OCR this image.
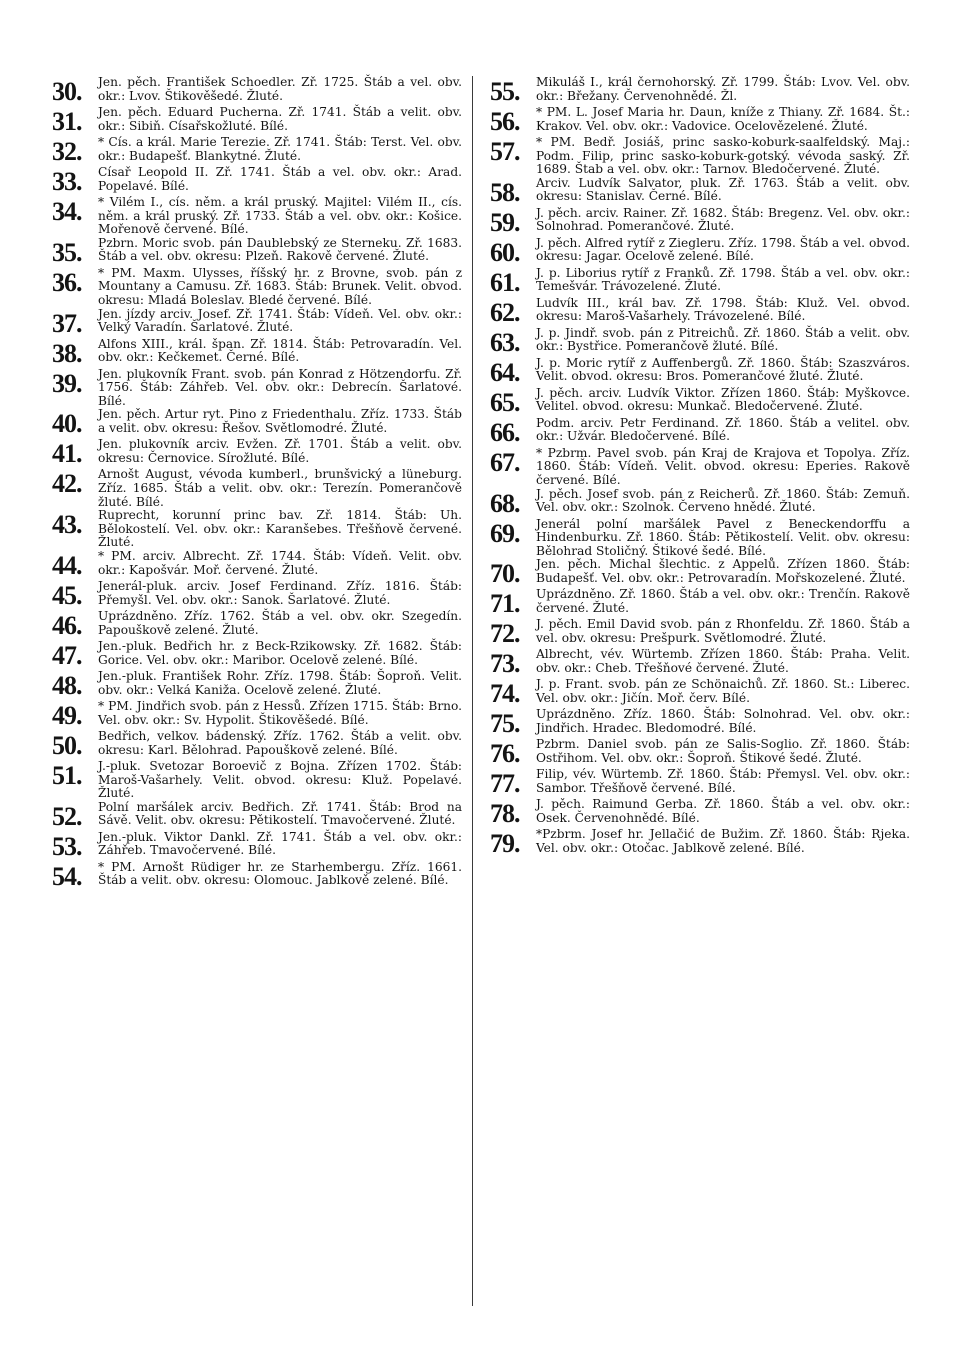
30.	Jen. pěch. František Schoedler. Zř. 1725. Štáb a vel. obv. okr.: Lvov. Štikověšedé. Žluté.
31.	Jen. pěch. Eduard Pucherna. Zř. 1741. Štáb a velit. obv. okr.: Sibiň. Císařskožluté. Bílé.
32.	* Cís. a král. Marie Terezie. Zř. 1741. Štáb: Terst. Vel. obv. okr.: Budapešť. Blankytné. Žluté.
33.	Císař Leopold II. Zř. 1741. Štáb a vel. obv. okr.: Arad. Popelavé. Bílé.
34.	* Vilém I., cís. něm. a král pruský. Majitel: Vilém II., cís. něm. a král pruský. Zř. 1733. Štáb a vel. obv. okr.: Košice. Mořenově červené. Bílé.
35.	Pzbrn. Moric svob. pán Daublebský ze Sterneku. Zř. 1683. Štáb a vel. obv. okresu: Plzeň. Rakově červené. Žluté.
36.	* PM. Maxm. Ulysses, říšský hr. z Brovne, svob. pán z Mountany a Camusu. Zř. 1683. Štáb: Brunek. Velit. obvod. okresu: Mladá Boleslav. Bledé červené. Bílé.
37.	Jen. jízdy arciv. Josef. Zř. 1741. Štáb: Vídeň. Vel. obv. okr.: Velký Varadín. Šarlatové. Žluté.
38.	Alfons XIII., král. špan. Zř. 1814. Štáb: Petrovaradín. Vel. obv. okr.: Kečkemet. Černé. Bílé.
39.	Jen. plukovník Frant. svob. pán Konrad z Hötzendorfu. Zř. 1756. Štáb: Záhřeb. Vel. obv. okr.: Debrecín. Šarlatové. Bílé.
40.	Jen. pěch. Artur ryt. Pino z Friedenthalu. Zříz. 1733. Štáb a velit. obv. okresu: Řešov. Světlomodré. Žluté.
41.	Jen. plukovník arciv. Evžen. Zř. 1701. Štáb a velit. obv. okresu: Černovice. Sírožluté. Bílé.
42.	Arnošt August, vévoda kumberl., brunšvický a lüneburg. Zříz. 1685. Štáb a velit. obv. okr.: Terezín. Pomerančově žluté. Bílé.
43.	Ruprecht, korunní princ bav. Zř. 1814. Štáb: Uh. Bělokostelí. Vel. obv. okr.: Karanšebes. Třešňově červené. Žluté.
44.	* PM. arciv. Albrecht. Zř. 1744. Štáb: Vídeň. Velit. obv. okr.: Kapošvár. Moř. červené. Žluté.
45.	Jenerál-pluk. arciv. Josef Ferdinand. Zříz. 1816. Štáb: Přemyšl. Vel. obv. okr.: Sanok. Šarlatové. Žluté.
46.	Uprázdněno. Zříz. 1762. Štáb a vel. obv. okr. Szegedín. Papouškově zelené. Žluté.
47.	Jen.-pluk. Bedřich hr. z Beck-Rzikowsky. Zř. 1682. Štáb: Gorice. Vel. obv. okr.: Maribor. Ocelově zelené. Bílé.
48.	Jen.-pluk. František Rohr. Zříz. 1798. Štáb: Šoproň. Velit. obv. okr.: Velká Kaniža. Ocelově zelené. Žluté.
49.	* PM. Jindřich svob. pán z Hessů. Zřízen 1715. Štáb: Brno. Vel. obv. okr.: Sv. Hypolit. Štikověšedé. Bílé.
50.	Bedřich, velkov. bádenský. Zříz. 1762. Štáb a velit. obv. okresu: Karl. Bělohrad. Papouškově zelené. Bílé.
51.	J.-pluk. Svetozar Boroevič z Bojna. Zřízen 1702. Štáb: Maroš-Vašarhely. Velit. obvod. okresu: Kluž. Popelavé. Žluté.
52.	Polní maršálek arciv. Bedřich. Zř. 1741. Štáb: Brod na Sávě. Velit. obv. okresu: Pětikostelí. Tmavočervené. Žluté.
53.	Jen.-pluk. Viktor Dankl. Zř. 1741. Štáb a vel. obv. okr.: Záhřeb. Tmavočervené. Bílé.
54.	* PM. Arnošt Rüdiger hr. ze Starhembergu. Zříz. 1661. Štáb a velit. obv. okresu: Olomouc. Jablkově zelené. Bílé.
55.	Mikuláš I., král černohorský. Zř. 1799. Štáb: Lvov. Vel. obv. okr.: Břežany. Červenohnědé. Žl.
56.	* PM. L. Josef Maria hr. Daun, kníže z Thiany. Zř. 1684. Št.: Krakov. Vel. obv. okr.: Vadovice. Ocelovězelené. Žluté.
57.	* PM. Bedř. Josiáš, princ sasko-koburk-saalfeldský. Maj.: Podm. Filip, princ sasko-koburk-gotský. vévoda saský. Zř. 1689. Štab a vel. obv. okr.: Tarnov. Bledočervené. Žluté.
58.	Arciv. Ludvík Salvator, pluk. Zř. 1763. Štáb a velit. obv. okresu: Stanislav. Černé. Bílé.
59.	J. pěch. arciv. Rainer. Zř. 1682. Štáb: Bregenz. Vel. obv. okr.: Solnohrad. Pomerančové. Žluté.
60.	J. pěch. Alfred rytíř z Ziegleru. Zříz. 1798. Štáb a vel. obvod. okresu: Jagar. Ocelově zelené. Bílé.
61.	J. p. Liborius rytíř z Franků. Zř. 1798. Štáb a vel. obv. okr.: Temešvár. Trávozelené. Žluté.
62.	Ludvík III., král bav. Zř. 1798. Štáb: Kluž. Vel. obvod. okresu: Maroš-Vašarhely. Trávozelené. Bílé.
63.	J. p. Jindř. svob. pán z Pitreichů. Zř. 1860. Štáb a velit. obv. okr.: Bystřice. Pomerančově žluté. Bílé.
64.	J. p. Moric rytíř z Auffenbergů. Zř. 1860. Štáb: Szaszváros. Velit. obvod. okresu: Bros. Pomerančové žluté. Žluté.
65.	J. pěch. arciv. Ludvík Viktor. Zřízen 1860. Štáb: Myškovce. Velitel. obvod. okresu: Munkač. Bledočervené. Žluté.
66.	Podm. arciv. Petr Ferdinand. Zř. 1860. Štáb a velitel. obv. okr.: Užvár. Bledočervené. Bílé.
67.	* Pzbrm. Pavel svob. pán Kraj de Krajova et Topolya. Zříz. 1860. Štáb: Vídeň. Velit. obvod. okresu: Eperies. Rakově červené. Bílé.
68.	J. pěch. Josef svob. pán z Reicherů. Zř. 1860. Štáb: Zemuň. Vel. obv. okr.: Szolnok. Červeno hnědé. Žluté.
69.	Jenerál polní maršálek Pavel z Beneckendorffu a Hindenburku. Zř. 1860. Štáb: Pětikostelí. Velit. obv. okresu: Bělohrad Stoličný. Štikové šedé. Bílé.
70.	Jen. pěch. Michal šlechtic. z Appelů. Zřízen 1860. Štáb: Budapešť. Vel. obv. okr.: Petrovaradín. Mořskozelené. Žluté.
71.	Uprázdněno. Zř. 1860. Štáb a vel. obv. okr.: Trenčín. Rakově červené. Žluté.
72.	J. pěch. Emil David svob. pán z Rhonfeldu. Zř. 1860. Štáb a vel. obv. okresu: Prešpurk. Světlomodré. Žluté.
73.	Albrecht, vév. Würtemb. Zřízen 1860. Štáb: Praha. Velit. obv. okr.: Cheb. Třešňové červené. Žluté.
74.	J. p. Frant. svob. pán ze Schönaichů. Zř. 1860. St.: Liberec. Vel. obv. okr.: Jičín. Moř. červ. Bílé.
75.	Uprázdněno. Zříz. 1860. Štáb: Solnohrad. Vel. obv. okr.: Jindřich. Hradec. Bledomodré. Bílé.
76.	Pzbrm. Daniel svob. pán ze Salis-Soglio. Zř. 1860. Štáb: Ostřihom. Vel. obv. okr.: Šoproň. Štikové šedé. Žluté.
77.	Filip, vév. Würtemb. Zř. 1860. Štáb: Přemysl. Vel. obv. okr.: Sambor. Třešňově červené. Bílé.
78.	J. pěch. Raimund Gerba. Zř. 1860. Štáb a vel. obv. okr.: Osek. Červenohnědé. Bílé.
79.	*Pzbrm. Josef hr. Jellačić de Bužim. Zř. 1860. Štáb: Rjeka. Vel. obv. okr.: Otočac. Jablkově zelené. Bílé.
